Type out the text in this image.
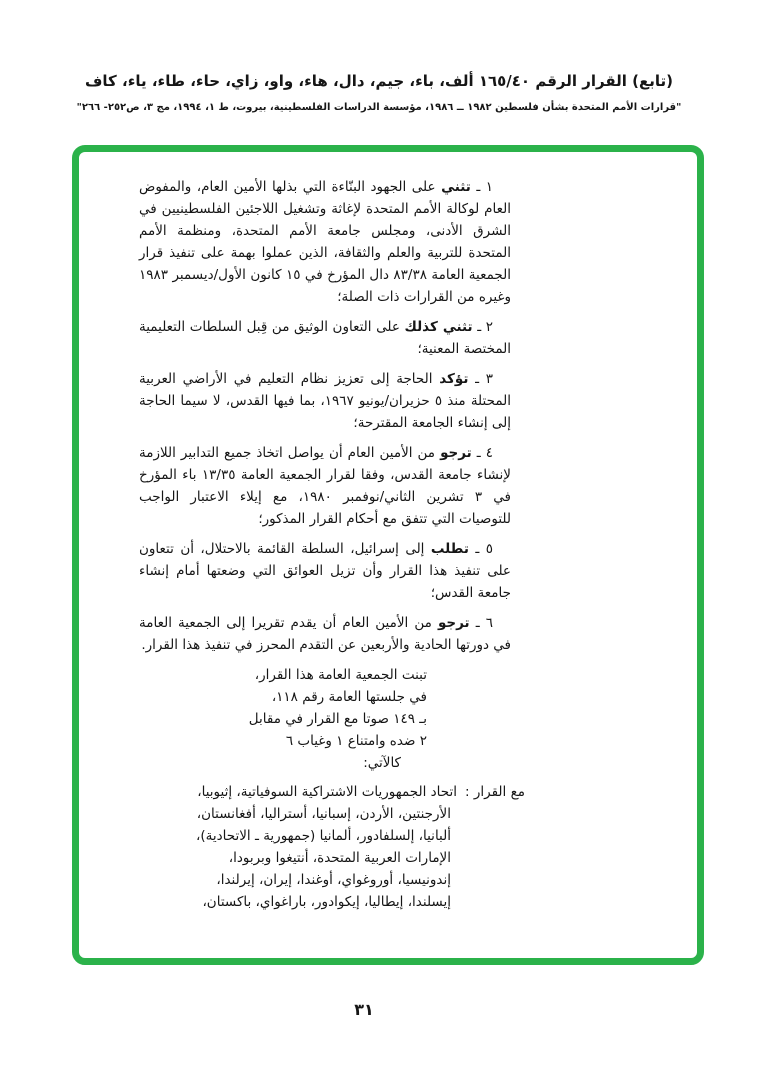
(تابع) القرار الرقم ١٦٥/٤٠ ألف، باء، جيم، دال، هاء، واو، زاي، حاء، طاء، ياء، كاف
"قرارات الأمم المتحدة بشأن فلسطين ١٩٨٢ ــ ١٩٨٦، مؤسسة الدراسات الفلسطينية، بيروت، ط ١، ١٩٩٤، مج ٣، ص٢٥٢- ٢٦٦"

١ ـ تثني على الجهود البنّاءة التي بذلها الأمين العام، والمفوض العام لوكالة الأمم المتحدة لإغاثة وتشغيل اللاجئين الفلسطينيين في الشرق الأدنى، ومجلس جامعة الأمم المتحدة، ومنظمة الأمم المتحدة للتربية والعلم والثقافة، الذين عملوا بهمة على تنفيذ قرار الجمعية العامة ٨٣/٣٨ دال المؤرخ في ١٥ كانون الأول/ديسمبر ١٩٨٣ وغيره من القرارات ذات الصلة؛

٢ ـ تثني كذلك على التعاون الوثيق من قِبل السلطات التعليمية المختصة المعنية؛

٣ ـ تؤكد الحاجة إلى تعزيز نظام التعليم في الأراضي العربية المحتلة منذ ٥ حزيران/يونيو ١٩٦٧، بما فيها القدس، لا سيما الحاجة إلى إنشاء الجامعة المقترحة؛

٤ ـ ترجو من الأمين العام أن يواصل اتخاذ جميع التدابير اللازمة لإنشاء جامعة القدس، وفقا لقرار الجمعية العامة ١٣/٣٥ باء المؤرخ في ٣ تشرين الثاني/نوفمبر ١٩٨٠، مع إيلاء الاعتبار الواجب للتوصيات التي تتفق مع أحكام القرار المذكور؛

٥ ـ تطلب إلى إسرائيل، السلطة القائمة بالاحتلال، أن تتعاون على تنفيذ هذا القرار وأن تزيل العوائق التي وضعتها أمام إنشاء جامعة القدس؛

٦ ـ ترجو من الأمين العام أن يقدم تقريرا إلى الجمعية العامة في دورتها الحادية والأربعين عن التقدم المحرز في تنفيذ هذا القرار.

تبنت الجمعية العامة هذا القرار،
في جلستها العامة رقم ١١٨،
بـ ١٤٩ صوتا مع القرار في مقابل
٢ ضده وامتناع ١ وغياب ٦
كالآتي:
مع القرار :
اتحاد الجمهوريات الاشتراكية السوفياتية، إثيوبيا،
الأرجنتين، الأردن، إسبانيا، أستراليا، أفغانستان،
ألبانيا، إلسلفادور، ألمانيا (جمهورية ـ الاتحادية)،
الإمارات العربية المتحدة، أنتيغوا وبربودا،
إندونيسيا، أوروغواي، أوغندا، إيران، إيرلندا،
إيسلندا، إيطاليا، إيكوادور، باراغواي، باكستان،
٣١
